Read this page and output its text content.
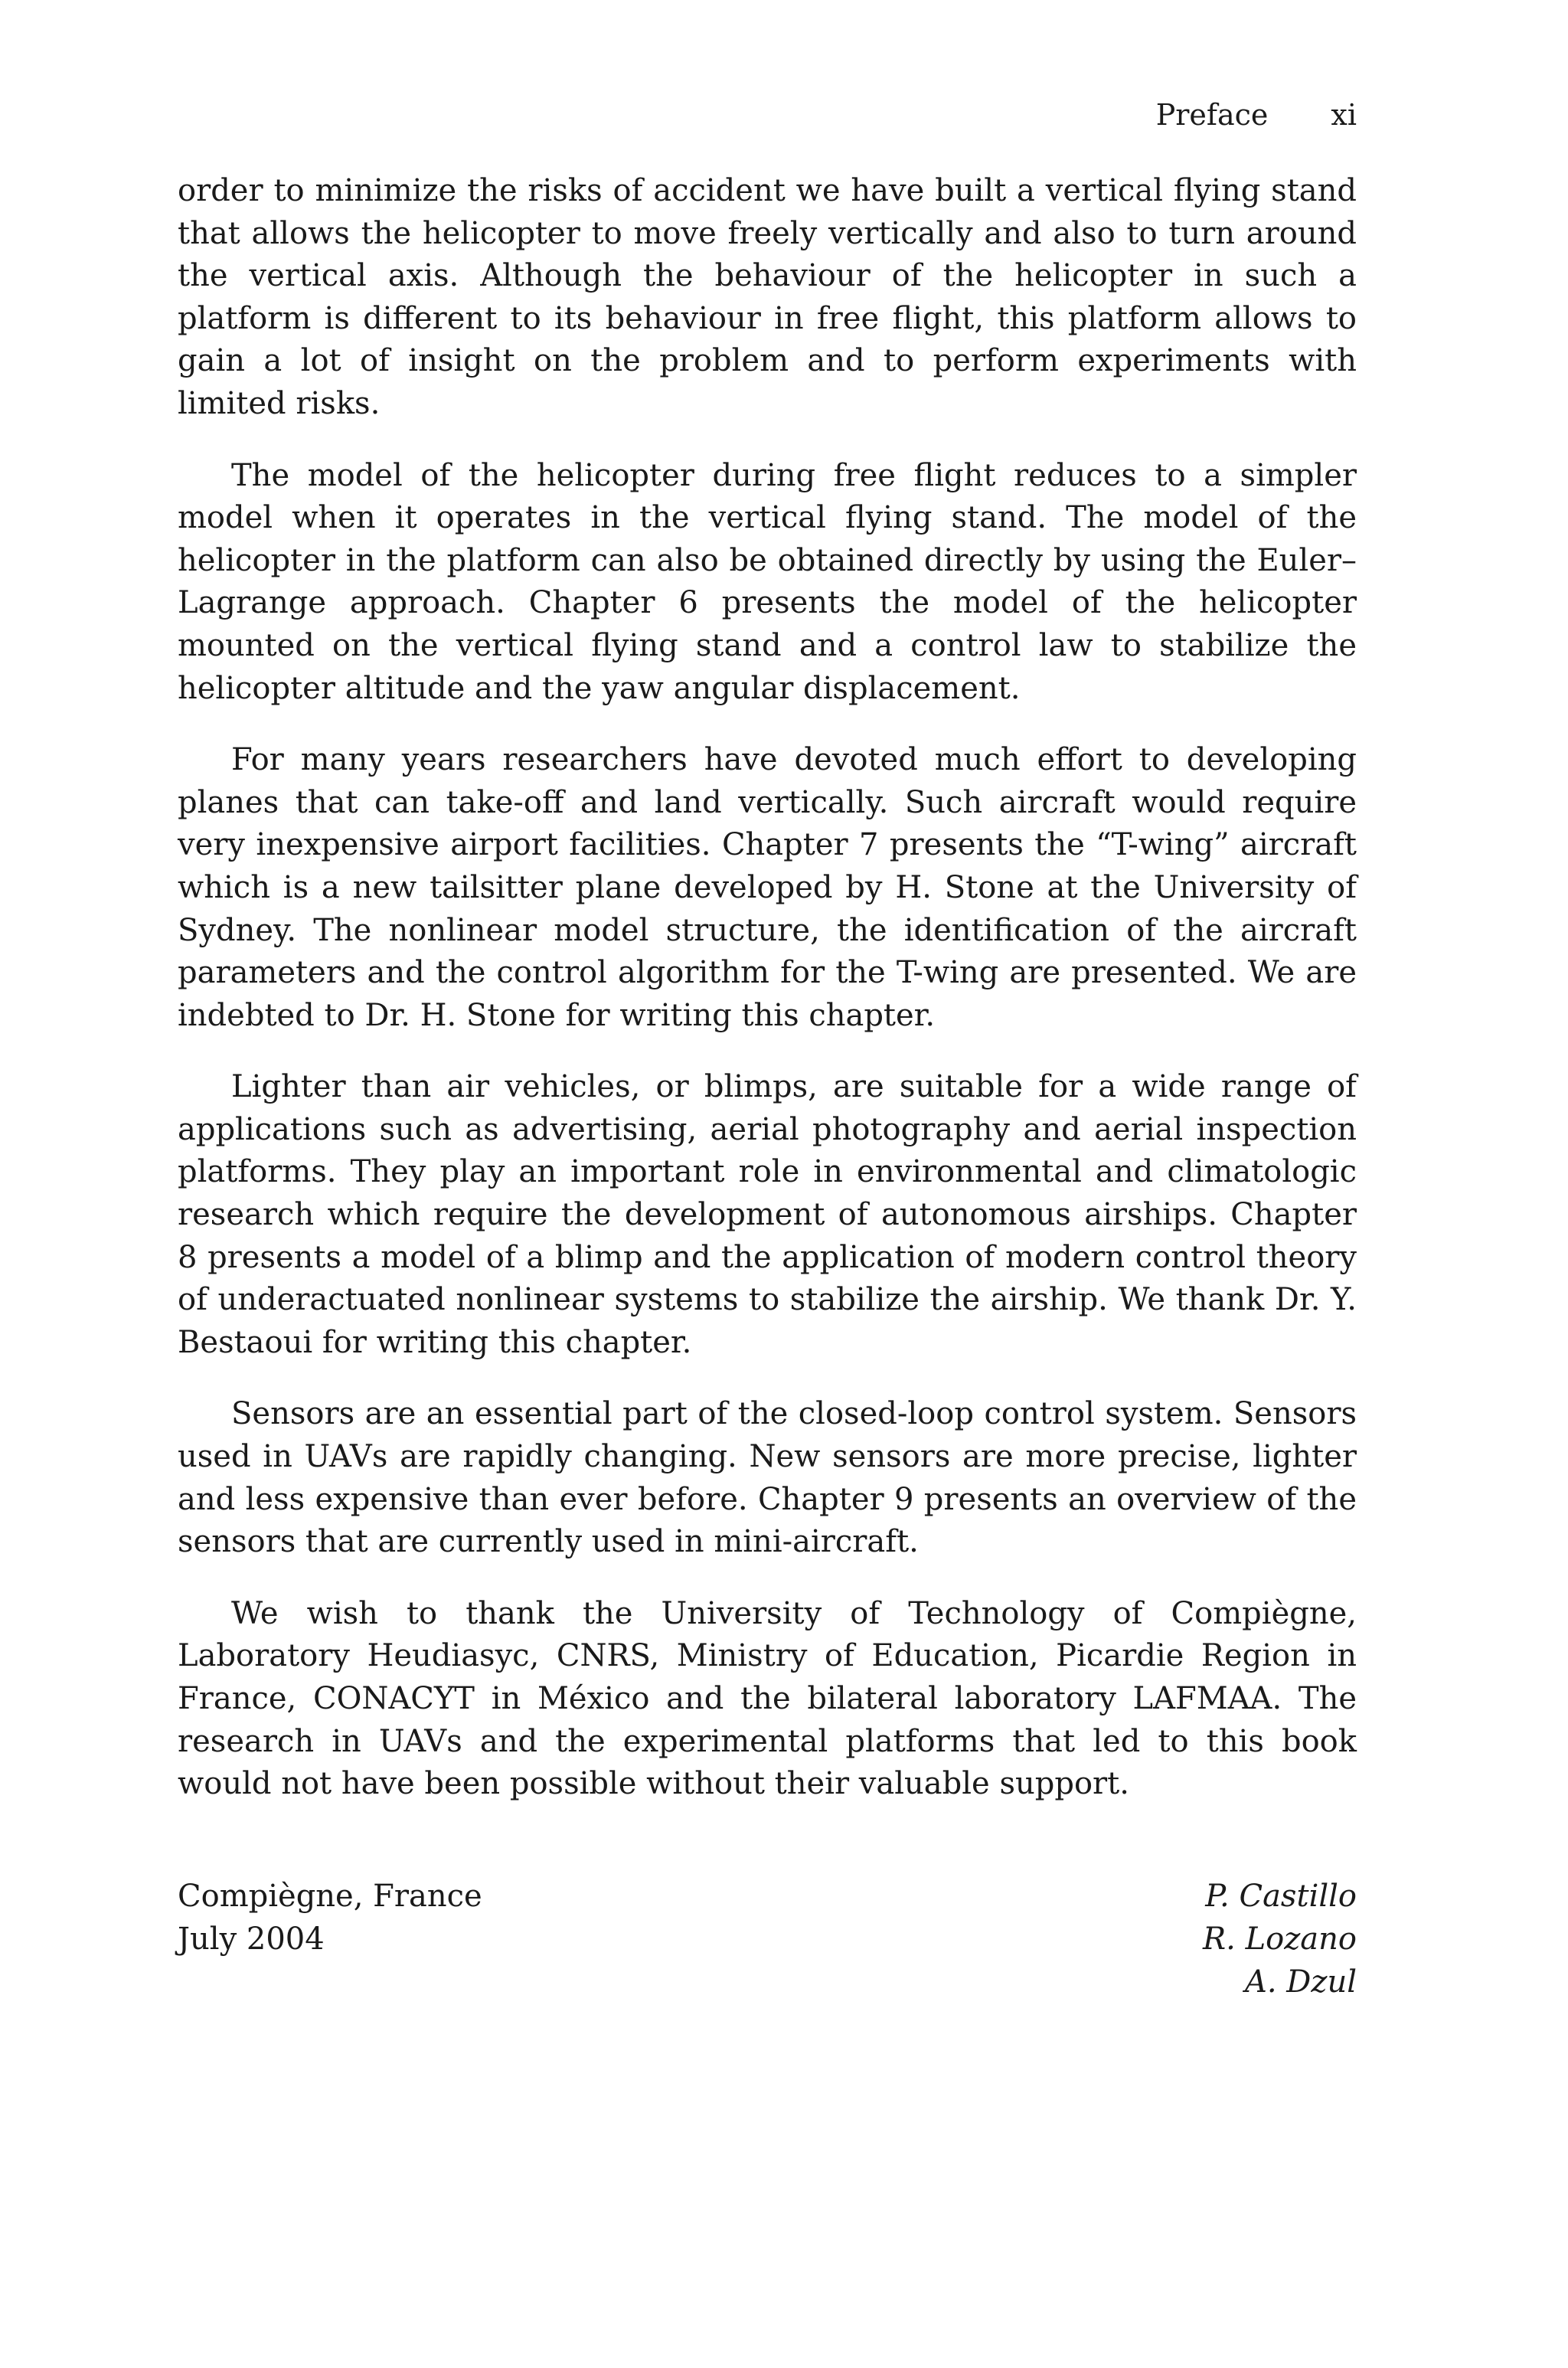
Preface xi

order to minimize the risks of accident we have built a vertical flying stand that allows the helicopter to move freely vertically and also to turn around the vertical axis. Although the behaviour of the helicopter in such a platform is different to its behaviour in free flight, this platform allows to gain a lot of insight on the problem and to perform experiments with limited risks.

The model of the helicopter during free flight reduces to a simpler model when it operates in the vertical flying stand. The model of the helicopter in the platform can also be obtained directly by using the Euler–Lagrange approach. Chapter 6 presents the model of the helicopter mounted on the vertical flying stand and a control law to stabilize the helicopter altitude and the yaw angular displacement.

For many years researchers have devoted much effort to developing planes that can take-off and land vertically. Such aircraft would require very inexpensive airport facilities. Chapter 7 presents the “T-wing” aircraft which is a new tailsitter plane developed by H. Stone at the University of Sydney. The nonlinear model structure, the identification of the aircraft parameters and the control algorithm for the T-wing are presented. We are indebted to Dr. H. Stone for writing this chapter.

Lighter than air vehicles, or blimps, are suitable for a wide range of applications such as advertising, aerial photography and aerial inspection platforms. They play an important role in environmental and climatologic research which require the development of autonomous airships. Chapter 8 presents a model of a blimp and the application of modern control theory of underactuated nonlinear systems to stabilize the airship. We thank Dr. Y. Bestaoui for writing this chapter.

Sensors are an essential part of the closed-loop control system. Sensors used in UAVs are rapidly changing. New sensors are more precise, lighter and less expensive than ever before. Chapter 9 presents an overview of the sensors that are currently used in mini-aircraft.

We wish to thank the University of Technology of Compiègne, Laboratory Heudiasyc, CNRS, Ministry of Education, Picardie Region in France, CONACYT in México and the bilateral laboratory LAFMAA. The research in UAVs and the experimental platforms that led to this book would not have been possible without their valuable support.

Compiègne, France
July 2004
P. Castillo
R. Lozano
A. Dzul
